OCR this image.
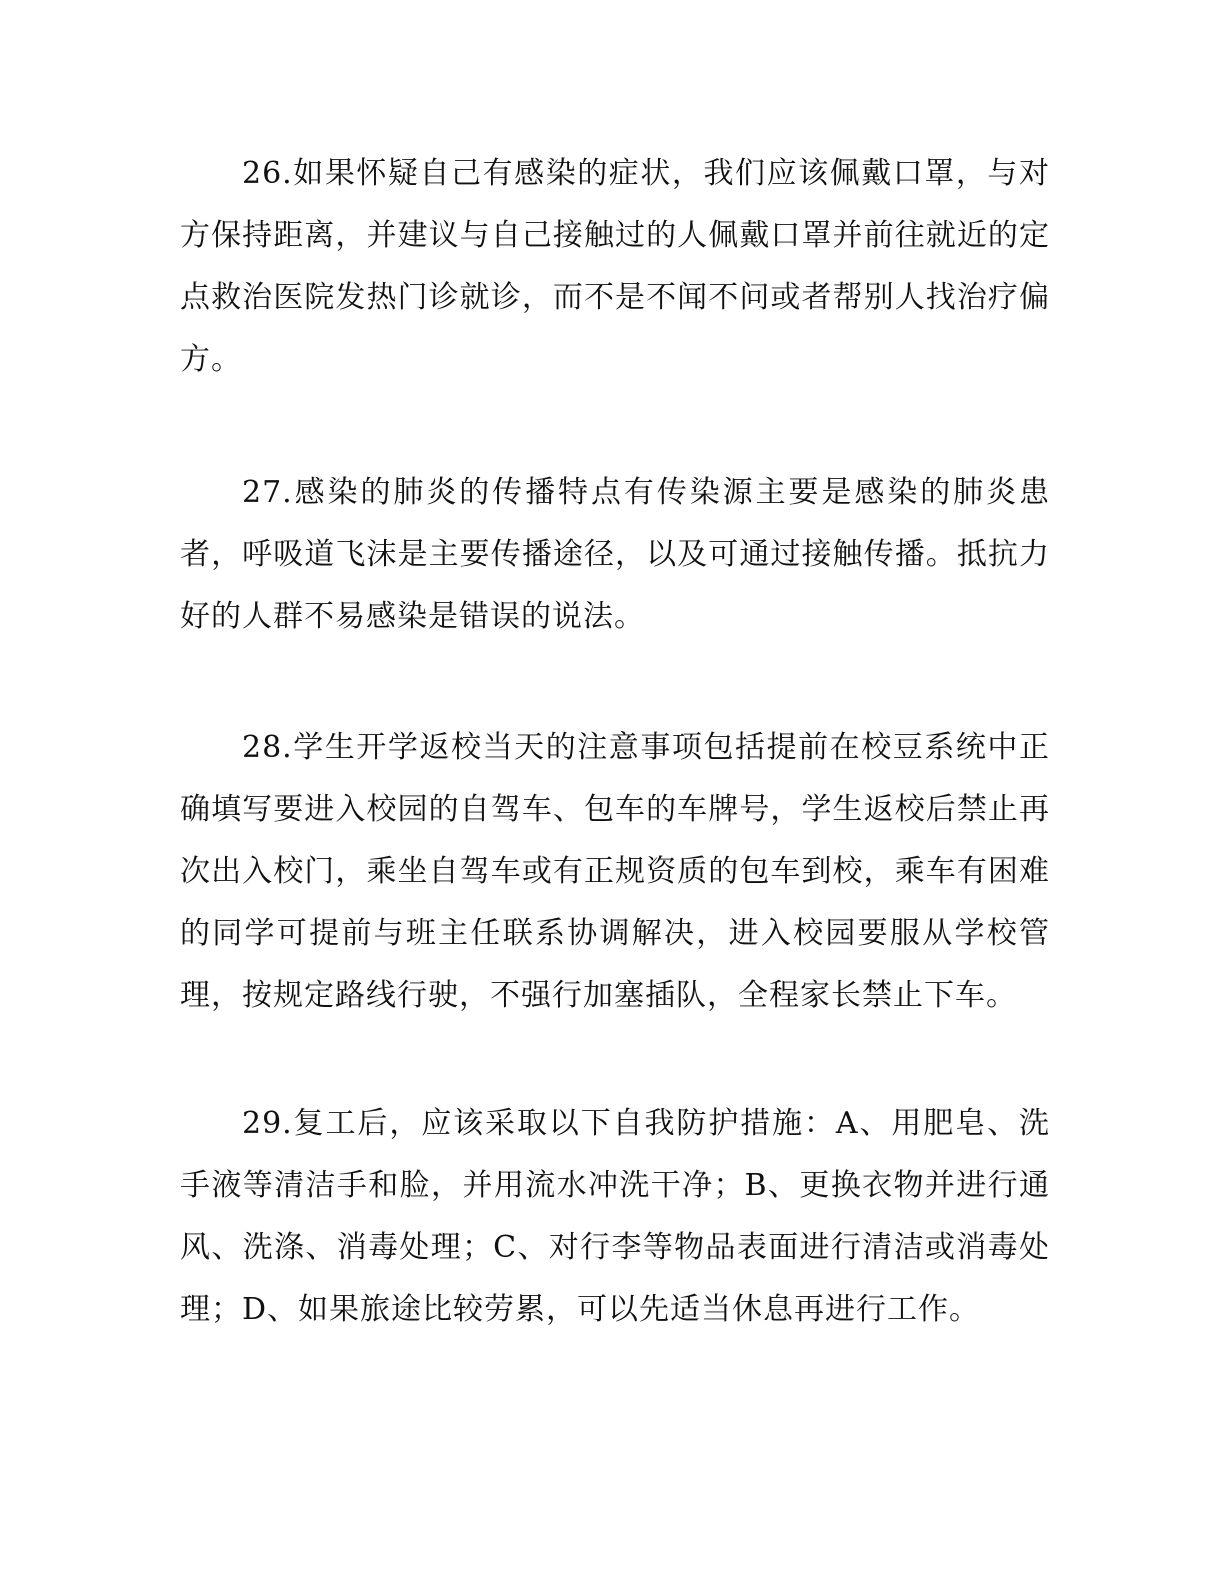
26.如果怀疑自己有感染的症状，我们应该佩戴口罩，与对方保持距离，并建议与自己接触过的人佩戴口罩并前往就近的定点救治医院发热门诊就诊，而不是不闻不问或者帮别人找治疗偏方。

27.感染的肺炎的传播特点有传染源主要是感染的肺炎患者，呼吸道飞沫是主要传播途径，以及可通过接触传播。抵抗力好的人群不易感染是错误的说法。

28.学生开学返校当天的注意事项包括提前在校豆系统中正确填写要进入校园的自驾车、包车的车牌号，学生返校后禁止再次出入校门，乘坐自驾车或有正规资质的包车到校，乘车有困难的同学可提前与班主任联系协调解决，进入校园要服从学校管理，按规定路线行驶，不强行加塞插队，全程家长禁止下车。

29.复工后，应该采取以下自我防护措施：A、用肥皂、洗手液等清洁手和脸，并用流水冲洗干净；B、更换衣物并进行通风、洗涤、消毒处理；C、对行李等物品表面进行清洁或消毒处理；D、如果旅途比较劳累，可以先适当休息再进行工作。
